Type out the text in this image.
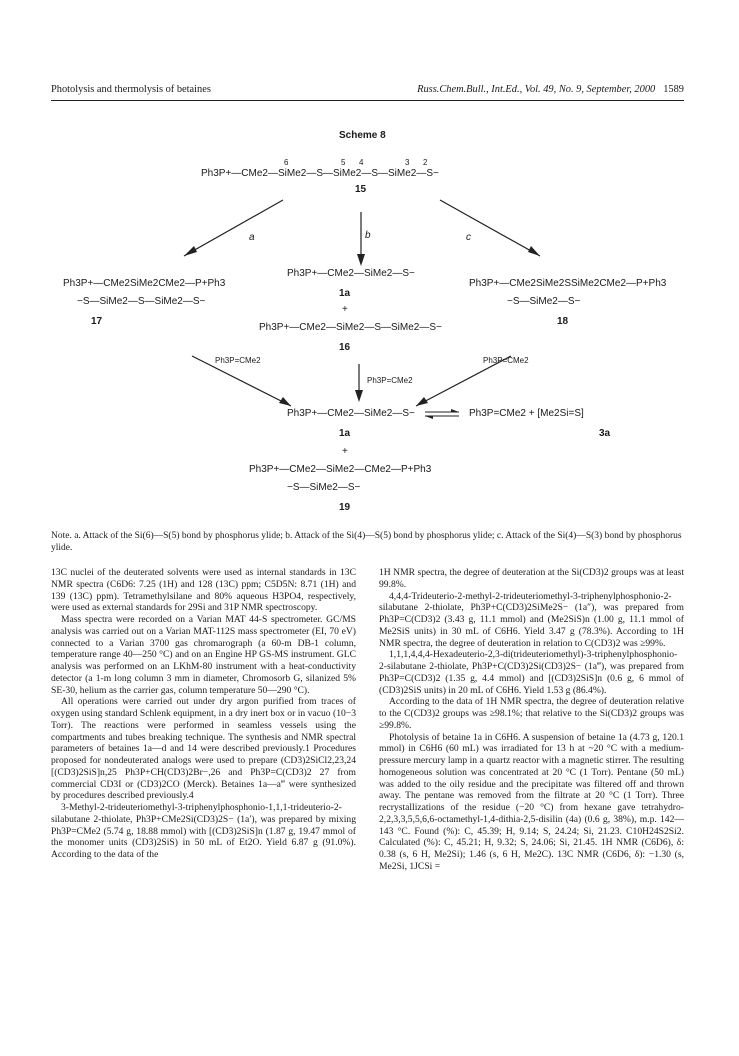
Photolysis and thermolysis of betaines	Russ.Chem.Bull., Int.Ed., Vol. 49, No. 9, September, 2000 1589
Scheme 8
6	5 4	3 2
Ph3P+—CMe2—SiMe2—S—SiMe2—S—SiMe2—S−
15
a	b	c
Ph3P+—CMe2SiMe2CMe2—P+Ph3
−S—SiMe2—S—SiMe2—S−
17
Ph3P+—CMe2—SiMe2—S−
1a
+
Ph3P+—CMe2—SiMe2—S—SiMe2—S−
16
Ph3P+—CMe2SiMe2SSiMe2CMe2—P+Ph3
−S—SiMe2—S−
18
Ph3P=CMe2	Ph3P=CMe2
Ph3P=CMe2
Ph3P+—CMe2—SiMe2—S−
1a
Ph3P=CMe2 + [Me2Si=S]
3a
+
Ph3P+—CMe2—SiMe2—CMe2—P+Ph3
−S—SiMe2—S−
19
Note. a. Attack of the Si(6)—S(5) bond by phosphorus ylide; b. Attack of the Si(4)—S(5) bond by phosphorus ylide; c. Attack of the Si(4)—S(3) bond by phosphorus ylide.

13C nuclei of the deuterated solvents were used as internal standards in 13C NMR spectra (C6D6: 7.25 (1H) and 128 (13C) ppm; C5D5N: 8.71 (1H) and 139 (13C) ppm). Tetramethylsilane and 80% aqueous H3PO4, respectively, were used as external standards for 29Si and 31P NMR spectroscopy.

Mass spectra were recorded on a Varian MAT 44-S spectrometer. GC/MS analysis was carried out on a Varian MAT-112S mass spectrometer (EI, 70 eV) connected to a Varian 3700 gas chromarograph (a 60-m DB-1 column, temperature range 40—250 °C) and on an Engine HP GS-MS instrument. GLC analysis was performed on an LKhM-80 instrument with a heat-conductivity detector (a 1-m long column 3 mm in diameter, Chromosorb G, silanized 5% SE-30, helium as the carrier gas, column temperature 50—290 °C).

All operations were carried out under dry argon purified from traces of oxygen using standard Schlenk equipment, in a dry inert box or in vacuo (10−3 Torr). The reactions were performed in seamless vessels using the compartments and tubes breaking technique. The synthesis and NMR spectral parameters of betaines 1a—d and 14 were described previously.1 Procedures proposed for nondeuterated analogs were used to prepare (CD3)2SiCl2,23,24 [(CD3)2SiS]n,25 Ph3P+CH(CD3)2Br−,26 and Ph3P=C(CD3)2 27 from commercial CD3I or (CD3)2CO (Merck). Betaines 1a—a‴ were synthesized by procedures described previously.4

3-Methyl-2-trideuteriomethyl-3-triphenylphosphonio-1,1,1-trideuterio-2-silabutane 2-thiolate, Ph3P+CMe2Si(CD3)2S− (1a′), was prepared by mixing Ph3P=CMe2 (5.74 g, 18.88 mmol) with [(CD3)2SiS]n (1.87 g, 19.47 mmol of the monomer units (CD3)2SiS) in 50 mL of Et2O. Yield 6.87 g (91.0%). According to the data of the

1H NMR spectra, the degree of deuteration at the Si(CD3)2 groups was at least 99.8%.

4,4,4-Trideuterio-2-methyl-2-trideuteriomethyl-3-triphenylphosphonio-2-silabutane 2-thiolate, Ph3P+C(CD3)2SiMe2S− (1a″), was prepared from Ph3P=C(CD3)2 (3.43 g, 11.1 mmol) and (Me2SiS)n (1.00 g, 11.1 mmol of Me2SiS units) in 30 mL of C6H6. Yield 3.47 g (78.3%). According to 1H NMR spectra, the degree of deuteration in relation to C(CD3)2 was ≥99%.

1,1,1,4,4,4-Hexadeuterio-2,3-di(trideuteriomethyl)-3-triphenylphosphonio-2-silabutane 2-thiolate, Ph3P+C(CD3)2Si(CD3)2S− (1a‴), was prepared from Ph3P=C(CD3)2 (1.35 g, 4.4 mmol) and [(CD3)2SiS]n (0.6 g, 6 mmol of (CD3)2SiS units) in 20 mL of C6H6. Yield 1.53 g (86.4%).

According to the data of 1H NMR spectra, the degree of deuteration relative to the C(CD3)2 groups was ≥98.1%; that relative to the Si(CD3)2 groups was ≥99.8%.

Photolysis of betaine 1a in C6H6. A suspension of betaine 1a (4.73 g, 120.1 mmol) in C6H6 (60 mL) was irradiated for 13 h at ~20 °C with a medium-pressure mercury lamp in a quartz reactor with a magnetic stirrer. The resulting homogeneous solution was concentrated at 20 °C (1 Torr). Pentane (50 mL) was added to the oily residue and the precipitate was filtered off and thrown away. The pentane was removed from the filtrate at 20 °C (1 Torr). Three recrystallizations of the residue (−20 °C) from hexane gave tetrahydro-2,2,3,3,5,5,6,6-octamethyl-1,4-dithia-2,5-disilin (4a) (0.6 g, 38%), m.p. 142—143 °C. Found (%): C, 45.39; H, 9.14; S, 24.24; Si, 21.23. C10H24S2Si2. Calculated (%): C, 45.21; H, 9.32; S, 24.06; Si, 21.45. 1H NMR (C6D6), δ: 0.38 (s, 6 H, Me2Si); 1.46 (s, 6 H, Me2C). 13C NMR (C6D6, δ): −1.30 (s, Me2Si, 1JCSi =
